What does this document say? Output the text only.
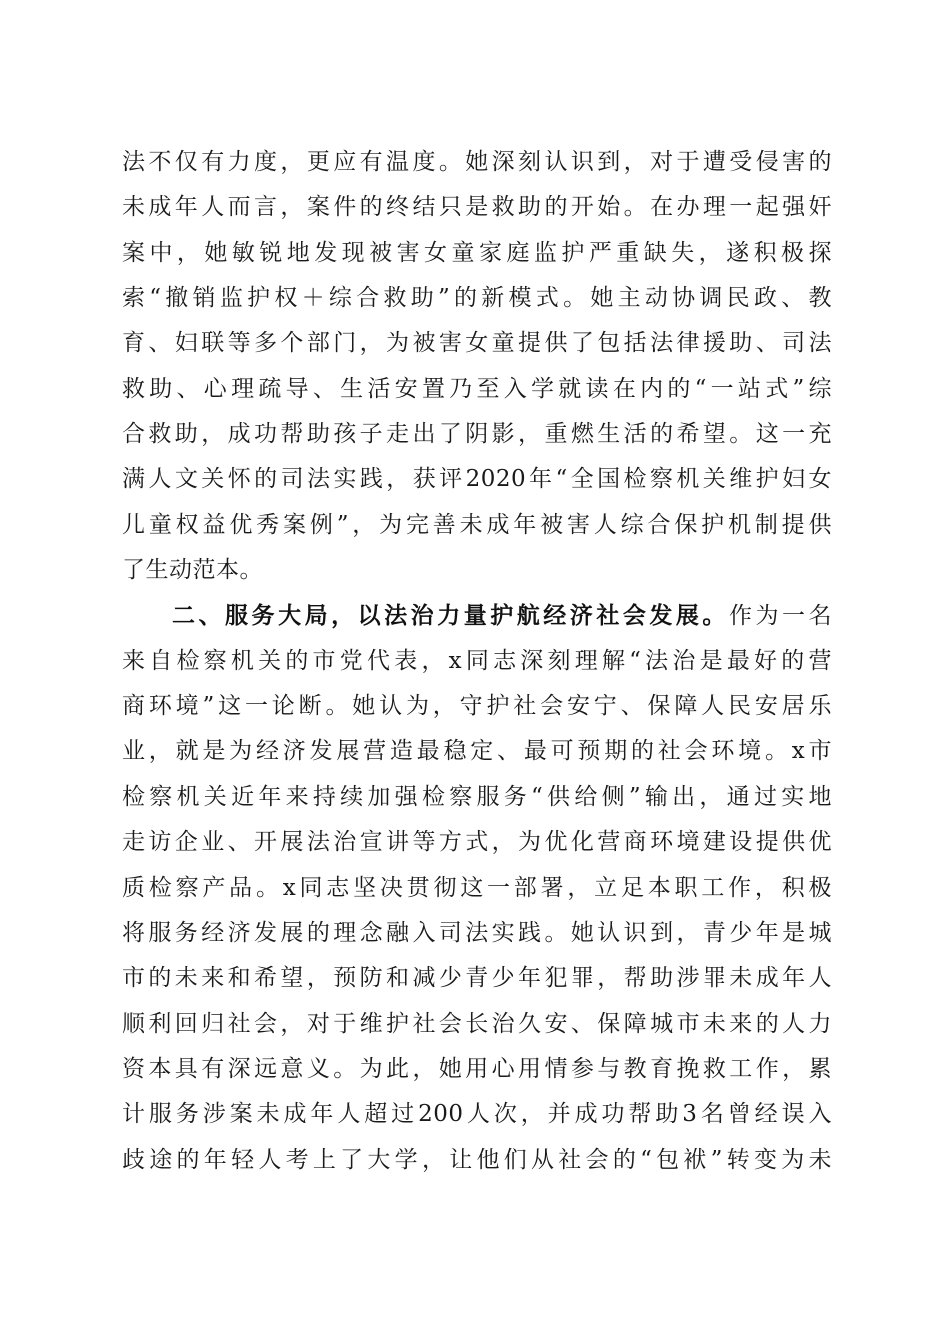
法不仅有力度，更应有温度。她深刻认识到，对于遭受侵害的
未成年人而言，案件的终结只是救助的开始。在办理一起强奸
案中，她敏锐地发现被害女童家庭监护严重缺失，遂积极探
索“撤销监护权＋综合救助”的新模式。她主动协调民政、教
育、妇联等多个部门，为被害女童提供了包括法律援助、司法
救助、心理疏导、生活安置乃至入学就读在内的“一站式”综
合救助，成功帮助孩子走出了阴影，重燃生活的希望。这一充
满人文关怀的司法实践，获评2020年“全国检察机关维护妇女
儿童权益优秀案例”，为完善未成年被害人综合保护机制提供
了生动范本。
二、服务大局，以法治力量护航经济社会发展。作为一名
来自检察机关的市党代表，x同志深刻理解“法治是最好的营
商环境”这一论断。她认为，守护社会安宁、保障人民安居乐
业，就是为经济发展营造最稳定、最可预期的社会环境。x市
检察机关近年来持续加强检察服务“供给侧”输出，通过实地
走访企业、开展法治宣讲等方式，为优化营商环境建设提供优
质检察产品。x同志坚决贯彻这一部署，立足本职工作，积极
将服务经济发展的理念融入司法实践。她认识到，青少年是城
市的未来和希望，预防和减少青少年犯罪，帮助涉罪未成年人
顺利回归社会，对于维护社会长治久安、保障城市未来的人力
资本具有深远意义。为此，她用心用情参与教育挽救工作，累
计服务涉案未成年人超过200人次，并成功帮助3名曾经误入
歧途的年轻人考上了大学，让他们从社会的“包袱”转变为未
